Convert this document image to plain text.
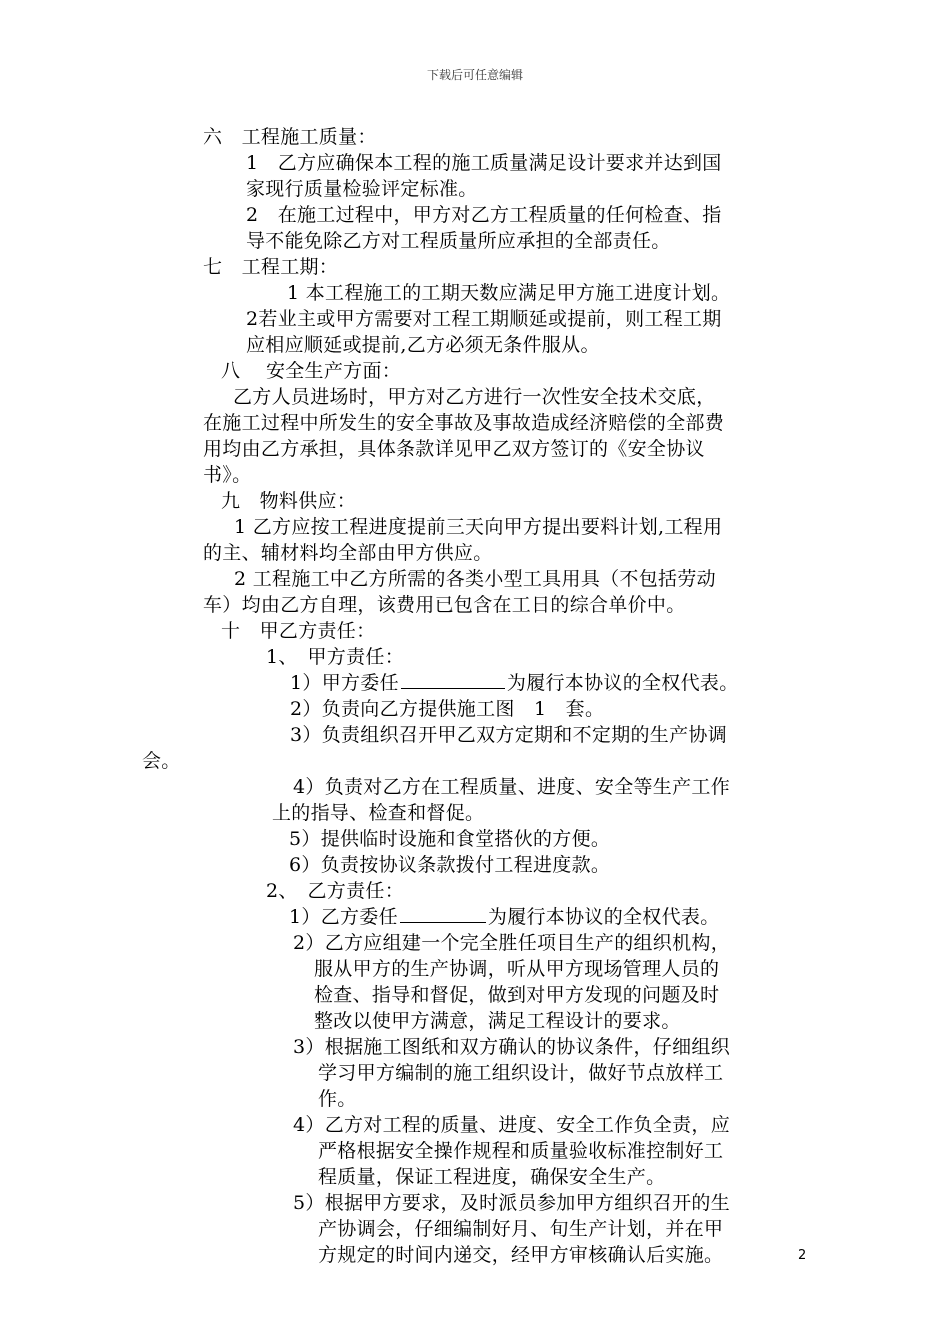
下载后可任意编辑
六　工程施工质量：
1　乙方应确保本工程的施工质量满足设计要求并达到国
家现行质量检验评定标准。
2　在施工过程中，甲方对乙方工程质量的任何检查、指
导不能免除乙方对工程质量所应承担的全部责任。
七　工程工期：
1 本工程施工的工期天数应满足甲方施工进度计划。
2若业主或甲方需要对工程工期顺延或提前，则工程工期
应相应顺延或提前,乙方必须无条件服从。
八　 安全生产方面：
乙方人员进场时，甲方对乙方进行一次性安全技术交底，
在施工过程中所发生的安全事故及事故造成经济赔偿的全部费
用均由乙方承担，具体条款详见甲乙双方签订的《安全协议
书》。
九　物料供应：
1 乙方应按工程进度提前三天向甲方提出要料计划,工程用
的主、辅材料均全部由甲方供应。
2 工程施工中乙方所需的各类小型工具用具（不包括劳动
车）均由乙方自理，该费用已包含在工日的综合单价中。
十　甲乙方责任：
1、　甲方责任：
1）甲方委任	为履行本协议的全权代表。
2）负责向乙方提供施工图　1　套。
3）负责组织召开甲乙双方定期和不定期的生产协调
会。
4）负责对乙方在工程质量、进度、安全等生产工作
上的指导、检查和督促。
5）提供临时设施和食堂搭伙的方便。
6）负责按协议条款拨付工程进度款。
2、　乙方责任：
1）乙方委任	为履行本协议的全权代表。
2）乙方应组建一个完全胜任项目生产的组织机构，
服从甲方的生产协调，听从甲方现场管理人员的
检查、指导和督促，做到对甲方发现的问题及时
整改以使甲方满意，满足工程设计的要求。
3）根据施工图纸和双方确认的协议条件，仔细组织
学习甲方编制的施工组织设计，做好节点放样工
作。
4）乙方对工程的质量、进度、安全工作负全责，应
严格根据安全操作规程和质量验收标准控制好工
程质量，保证工程进度，确保安全生产。
5）根据甲方要求，及时派员参加甲方组织召开的生
产协调会，仔细编制好月、旬生产计划，并在甲
方规定的时间内递交，经甲方审核确认后实施。	2
